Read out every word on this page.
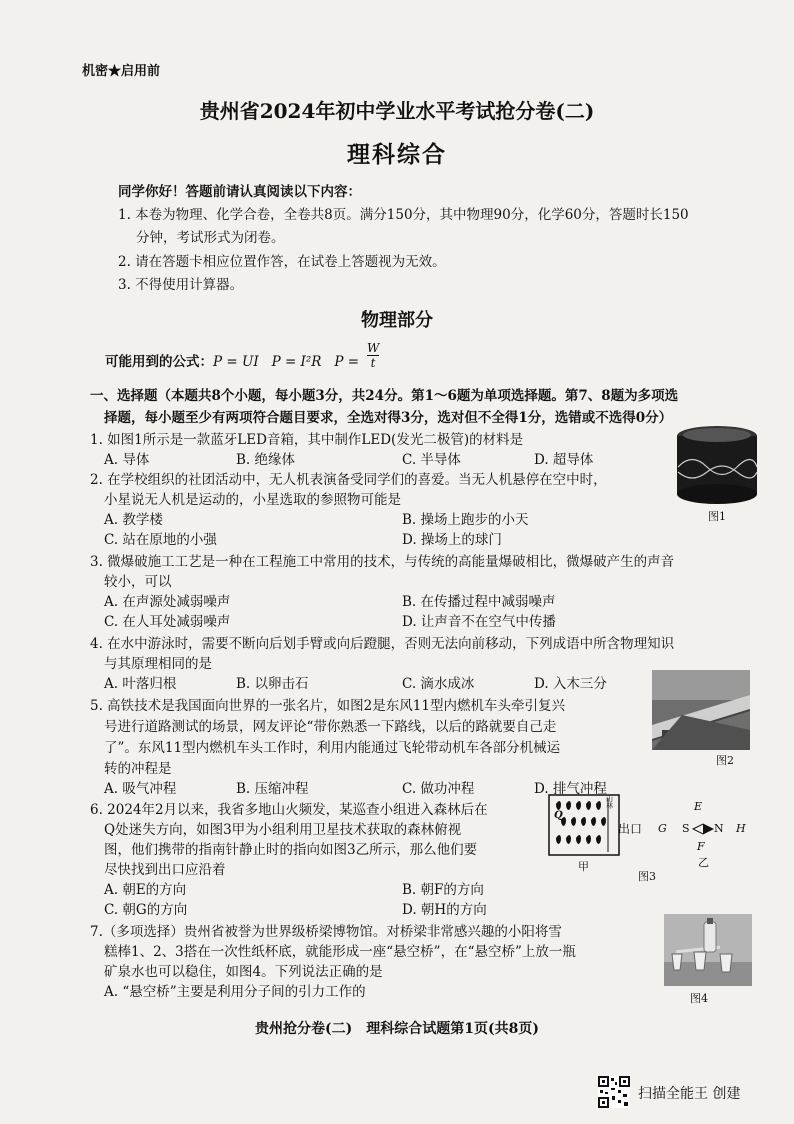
机密★启用前
贵州省2024年初中学业水平考试抢分卷(二)
理科综合
同学你好！答题前请认真阅读以下内容：
1. 本卷为物理、化学合卷，全卷共8页。满分150分，其中物理90分，化学60分，答题时长150
分钟，考试形式为闭卷。
2. 请在答题卡相应位置作答，在试卷上答题视为无效。
3. 不得使用计算器。
物理部分
可能用到的公式：P = UI P = I²R P =
W
t
一、选择题（本题共8个小题，每小题3分，共24分。第1～6题为单项选择题。第7、8题为多项选
择题，每小题至少有两项符合题目要求，全选对得3分，选对但不全得1分，选错或不选得0分）
1. 如图1所示是一款蓝牙LED音箱，其中制作LED(发光二极管)的材料是
A. 导体	B. 绝缘体	C. 半导体	D. 超导体
图1
2. 在学校组织的社团活动中，无人机表演备受同学们的喜爱。当无人机悬停在空中时，
小星说无人机是运动的，小星选取的参照物可能是
A. 教学楼	B. 操场上跑步的小天
C. 站在原地的小强	D. 操场上的球门
3. 微爆破施工工艺是一种在工程施工中常用的技术，与传统的高能量爆破相比，微爆破产生的声音
较小，可以
A. 在声源处减弱噪声	B. 在传播过程中减弱噪声
C. 在人耳处减弱噪声	D. 让声音不在空气中传播
4. 在水中游泳时，需要不断向后划手臂或向后蹬腿，否则无法向前移动，下列成语中所含物理知识
与其原理相同的是
A. 叶落归根	B. 以卵击石	C. 滴水成冰	D. 入木三分
图2
5. 高铁技术是我国面向世界的一张名片，如图2是东风11型内燃机车头牵引复兴
号进行道路测试的场景，网友评论“带你熟悉一下路线，以后的路就要自己走
了”。东风11型内燃机车头工作时，利用内能通过飞轮带动机车各部分机械运
转的冲程是
A. 吸气冲程	B. 压缩冲程	C. 做功冲程	D. 排气冲程
6. 2024年2月以来，我省多地山火频发，某巡查小组进入森林后在
Q处迷失方向，如图3甲为小组利用卫星技术获取的森林俯视
图，他们携带的指南针静止时的指向如图3乙所示，那么他们要
尽快找到出口应沿着
A. 朝E的方向	B. 朝F的方向
C. 朝G的方向	D. 朝H的方向
Q
山林
出口
甲
E
G S N H
F
乙
图3
7.（多项选择）贵州省被誉为世界级桥梁博物馆。对桥梁非常感兴趣的小阳将雪
糕棒1、2、3搭在一次性纸杯底，就能形成一座“悬空桥”，在“悬空桥”上放一瓶
矿泉水也可以稳住，如图4。下列说法正确的是
A. “悬空桥”主要是利用分子间的引力工作的	图4
贵州抢分卷(二)　理科综合试题第1页(共8页)
扫描全能王 创建
